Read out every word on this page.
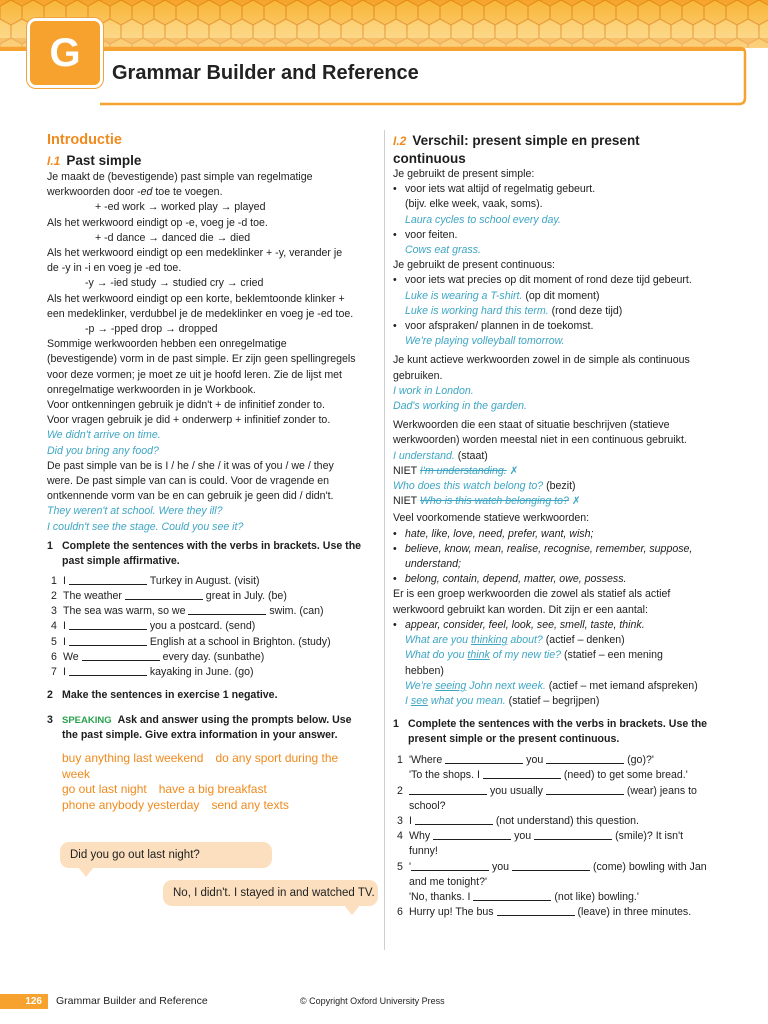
G	Grammar Builder and Reference
Introductie
I.1 Past simple
Je maakt de (bevestigende) past simple van regelmatige
werkwoorden door -ed toe te voegen.
+ -ed work → worked play → played
Als het werkwoord eindigt op -e, voeg je -d toe.
+ -d dance → danced die → died
Als het werkwoord eindigt op een medeklinker + -y, verander je
de -y in -i en voeg je -ed toe.
-y → -ied study → studied cry → cried
Als het werkwoord eindigt op een korte, beklemtoonde klinker +
een medeklinker, verdubbel je de medeklinker en voeg je -ed toe.
-p → -pped drop → dropped
Sommige werkwoorden hebben een onregelmatige
(bevestigende) vorm in de past simple. Er zijn geen spellingregels
voor deze vormen; je moet ze uit je hoofd leren. Zie de lijst met
onregelmatige werkwoorden in je Workbook.
Voor ontkenningen gebruik je didn't + de infinitief zonder to.
Voor vragen gebruik je did + onderwerp + infinitief zonder to.
We didn't arrive on time.
Did you bring any food?
De past simple van be is I / he / she / it was of you / we / they
were. De past simple van can is could. Voor de vragende en
ontkennende vorm van be en can gebruik je geen did / didn't.
They weren't at school. Were they ill?
I couldn't see the stage. Could you see it?
1 Complete the sentences with the verbs in brackets. Use the
past simple affirmative.
1 I

	Turkey in August. (visit)
2 The weather

	great in July. (be)
3 The sea was warm, so we

	swim. (can)
4 I

	you a postcard. (send)
5 I

	English at a school in Brighton. (study)
6 We

	every day. (sunbathe)
7 I

	kayaking in June. (go)
2 Make the sentences in exercise 1 negative.
3 SPEAKING Ask and answer using the prompts below. Use
the past simple. Give extra information in your answer.
buy anything last weekend do any sport during the week
go out last night have a big breakfast
phone anybody yesterday send any texts
Did you go out last night?
No, I didn't. I stayed in and watched TV.
I.2 Verschil: present simple en present
continuous
Je gebruikt de present simple:
• voor iets wat altijd of regelmatig gebeurt.
(bijv. elke week, vaak, soms).
Laura cycles to school every day.
• voor feiten.
Cows eat grass.
Je gebruikt de present continuous:
• voor iets wat precies op dit moment of rond deze tijd gebeurt.
Luke is wearing a T-shirt. (op dit moment)
Luke is working hard this term. (rond deze tijd)
• voor afspraken/ plannen in de toekomst.
We're playing volleyball tomorrow.
Je kunt actieve werkwoorden zowel in de simple als continuous
gebruiken.
I work in London.
Dad's working in the garden.
Werkwoorden die een staat of situatie beschrijven (statieve
werkwoorden) worden meestal niet in een continuous gebruikt.
I understand. (staat)
NIET I'm understanding. ✗
Who does this watch belong to? (bezit)
NIET Who is this watch belonging to? ✗
Veel voorkomende statieve werkwoorden:
• hate, like, love, need, prefer, want, wish;
• believe, know, mean, realise, recognise, remember, suppose,
understand;
• belong, contain, depend, matter, owe, possess.
Er is een groep werkwoorden die zowel als statief als actief
werkwoord gebruikt kan worden. Dit zijn er een aantal:
• appear, consider, feel, look, see, smell, taste, think.
What are you thinking about? (actief – denken)
What do you think of my new tie? (statief – een mening
hebben)
We're seeing John next week. (actief – met iemand afspreken)
I see what you mean. (statief – begrijpen)
1 Complete the sentences with the verbs in brackets. Use the
present simple or the present continuous.
1 'Where

	you

	(go)?'
'To the shops. I

	(need) to get some bread.'
2
	you usually

	(wear) jeans to
school?
3 I

	(not understand) this question.
4 Why

	you

	(smile)? It isn't
funny!
5 '
	you

	(come) bowling with Jan
and me tonight?'
'No, thanks. I

	(not like) bowling.'
6 Hurry up! The bus

	(leave) in three minutes.
126	Grammar Builder and Reference	© Copyright Oxford University Press
